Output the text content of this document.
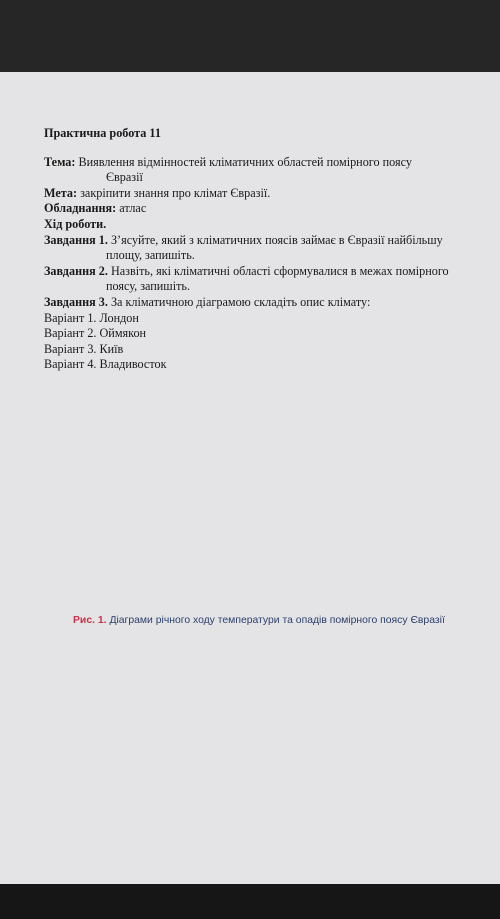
Практична робота 11
Тема: Виявлення відмінностей кліматичних областей помірного поясу
Євразії
Мета: закріпити знання про клімат Євразії.
Обладнання: атлас
Хід роботи.
Завдання 1. З’ясуйте, який з кліматичних поясів займає в Євразії найбільшу
площу, запишіть.
Завдання 2. Назвіть, які кліматичні області сформувалися в межах помірного
поясу, запишіть.
Завдання 3. За кліматичною діаграмою складіть опис клімату:
Варіант 1. Лондон
Варіант 2. Оймякон
Варіант 3. Київ
Варіант 4. Владивосток
Рис. 1. Діаграми річного ходу температури та опадів помірного поясу Євразії
